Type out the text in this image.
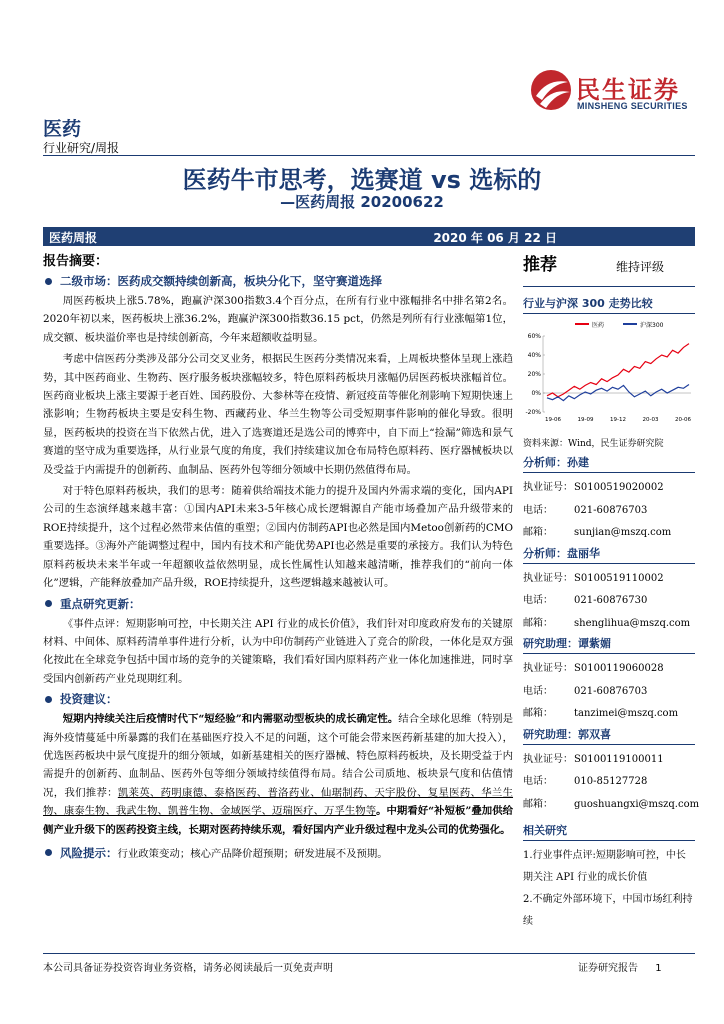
民生证券
MINSHENG SECURITIES
医药
行业研究/周报
医药牛市思考，选赛道 vs 选标的
—医药周报 20200622
医药周报	2020 年 06 月 22 日
报告摘要：
二级市场：医药成交额持续创新高，板块分化下，坚守赛道选择

周医药板块上涨5.78%，跑赢沪深300指数3.4个百分点，在所有行业中涨幅排名中排名第2名。2020年初以来，医药板块上涨36.2%，跑赢沪深300指数36.15 pct，仍然是列所有行业涨幅第1位，成交额、板块溢价率也是持续创新高，今年来超额收益明显。

考虑中信医药分类涉及部分公司交叉业务，根据民生医药分类情况来看，上周板块整体呈现上涨趋势，其中医药商业、生物药、医疗服务板块涨幅较多，特色原料药板块月涨幅仍居医药板块涨幅首位。医药商业板块上涨主要源于老百姓、国药股份、大参林等在疫情、新冠疫苗等催化剂影响下短期快速上涨影响；生物药板块主要是安科生物、西藏药业、华兰生物等公司受短期事件影响的催化导致。很明显，医药板块的投资在当下依然占优，进入了选赛道还是选公司的博弈中，自下而上“捡漏”筛选和景气赛道的坚守成为重要选择，从行业景气度的角度，我们持续建议加仓布局特色原料药、医疗器械板块以及受益于内需提升的创新药、血制品、医药外包等细分领域中长期仍然值得布局。

对于特色原料药板块，我们的思考：随着供给端技术能力的提升及国内外需求端的变化，国内API公司的生态演绎越来越丰富：①国内API未来3-5年核心成长逻辑源自产能市场叠加产品升级带来的ROE持续提升，这个过程必然带来估值的重塑；②国内仿制药API也必然是国内Metoo创新药的CMO重要选择。③海外产能调整过程中，国内有技术和产能优势API也必然是重要的承接方。我们认为特色原料药板块未来半年或一年超额收益依然明显，成长性属性认知越来越清晰，推荐我们的“前向一体化”逻辑，产能释放叠加产品升级，ROE持续提升，这些逻辑越来越被认可。

重点研究更新：

《事件点评：短期影响可控，中长期关注 API 行业的成长价值》，我们针对印度政府发布的关键原材料、中间体、原料药清单事件进行分析，认为中印仿制药产业链进入了竞合的阶段，一体化是双方强化按此在全球竞争包括中国市场的竞争的关键策略，我们看好国内原料药产业一体化加速推进，同时享受国内创新药产业兑现期红利。

投资建议：

短期内持续关注后疫情时代下“短经验”和内需驱动型板块的成长确定性。结合全球化思维（特别是海外疫情蔓延中所暴露的我们在基础医疗投入不足的问题，这个可能会带来医药新基建的加大投入），优选医药板块中景气度提升的细分领域，如新基建相关的医疗器械、特色原料药板块，及长期受益于内需提升的创新药、血制品、医药外包等细分领域持续值得布局。结合公司质地、板块景气度和估值情况，我们推荐：凯莱英、药明康德、泰格医药、普洛药业、仙琚制药、天宇股份、复星医药、华兰生物、康泰生物、我武生物、凯普生物、金域医学、迈瑞医疗、万孚生物等。中期看好“补短板”叠加供给侧产业升级下的医药投资主线，长期对医药持续乐观，看好国内产业升级过程中龙头公司的优势强化。

风险提示： 行业政策变动；核心产品降价超预期；研发进展不及预期。
推荐	维持评级
行业与沪深 300 走势比较
医药	沪深300
60%
40%
20%
0%
-20%
19-06	19-09	19-12	20-03	20-06
资料来源：Wind，民生证券研究院
分析师：孙建
执业证号： S0100519020002
电话：	021-60876703
邮箱：	sunjian@mszq.com
分析师：盘丽华
执业证号： S0100519110002
电话：	021-60876730
邮箱：	shenglihua@mszq.com
研究助理：谭紫媚
执业证号： S0100119060028
电话：	021-60876703
邮箱：	tanzimei@mszq.com
研究助理：郭双喜
执业证号： S0100119100011
电话：	010-85127728
邮箱：	guoshuangxi@mszq.com
相关研究
1.行业事件点评:短期影响可控，中长期关注 API 行业的成长价值
2.不确定外部环境下，中国市场红利持续
本公司具备证券投资咨询业务资格，请务必阅读最后一页免责声明	证券研究报告 1
